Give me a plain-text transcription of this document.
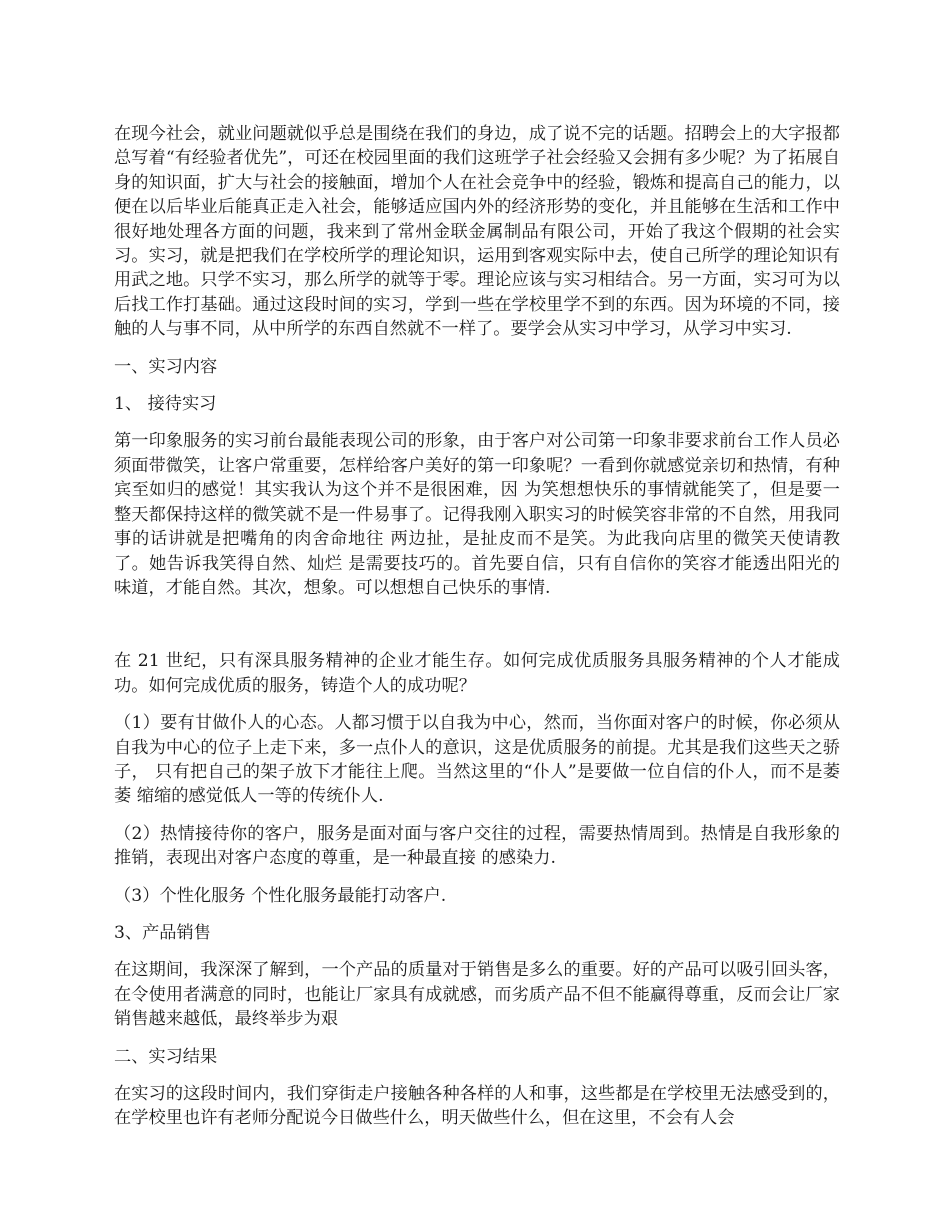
在现今社会，就业问题就似乎总是围绕在我们的身边，成了说不完的话题。招聘会上的大字报都总写着“有经验者优先”，可还在校园里面的我们这班学子社会经验又会拥有多少呢？为了拓展自身的知识面，扩大与社会的接触面，增加个人在社会竞争中的经验，锻炼和提高自己的能力，以便在以后毕业后能真正走入社会，能够适应国内外的经济形势的变化，并且能够在生活和工作中很好地处理各方面的问题，我来到了常州金联金属制品有限公司，开始了我这个假期的社会实习。实习，就是把我们在学校所学的理论知识，运用到客观实际中去，使自己所学的理论知识有用武之地。只学不实习，那么所学的就等于零。理论应该与实习相结合。另一方面，实习可为以后找工作打基础。通过这段时间的实习，学到一些在学校里学不到的东西。因为环境的不同，接触的人与事不同，从中所学的东西自然就不一样了。要学会从实习中学习，从学习中实习.

一、实习内容

1、 接待实习

第一印象服务的实习前台最能表现公司的形象，由于客户对公司第一印象非要求前台工作人员必须面带微笑，让客户常重要，怎样给客户美好的第一印象呢？一看到你就感觉亲切和热情，有种宾至如归的感觉！其实我认为这个并不是很困难，因 为笑想想快乐的事情就能笑了，但是要一整天都保持这样的微笑就不是一件易事了。记得我刚入职实习的时候笑容非常的不自然，用我同事的话讲就是把嘴角的肉舍命地往 两边扯，是扯皮而不是笑。为此我向店里的微笑天使请教了。她告诉我笑得自然、灿烂 是需要技巧的。首先要自信，只有自信你的笑容才能透出阳光的味道，才能自然。其次，想象。可以想想自己快乐的事情.

在 21 世纪，只有深具服务精神的企业才能生存。如何完成优质服务具服务精神的个人才能成功。如何完成优质的服务，铸造个人的成功呢？

（1）要有甘做仆人的心态。人都习惯于以自我为中心，然而，当你面对客户的时候，你必须从自我为中心的位子上走下来，多一点仆人的意识，这是优质服务的前提。尤其是我们这些天之骄子， 只有把自己的架子放下才能往上爬。当然这里的“仆人”是要做一位自信的仆人，而不是萎萎 缩缩的感觉低人一等的传统仆人.

（2）热情接待你的客户，服务是面对面与客户交往的过程，需要热情周到。热情是自我形象的推销，表现出对客户态度的尊重，是一种最直接 的感染力.

（3）个性化服务 个性化服务最能打动客户.

3、产品销售

在这期间，我深深了解到，一个产品的质量对于销售是多么的重要。好的产品可以吸引回头客，在令使用者满意的同时，也能让厂家具有成就感，而劣质产品不但不能赢得尊重，反而会让厂家销售越来越低，最终举步为艰

二、实习结果

在实习的这段时间内，我们穿街走户接触各种各样的人和事，这些都是在学校里无法感受到的，在学校里也许有老师分配说今日做些什么，明天做些什么，但在这里，不会有人会
